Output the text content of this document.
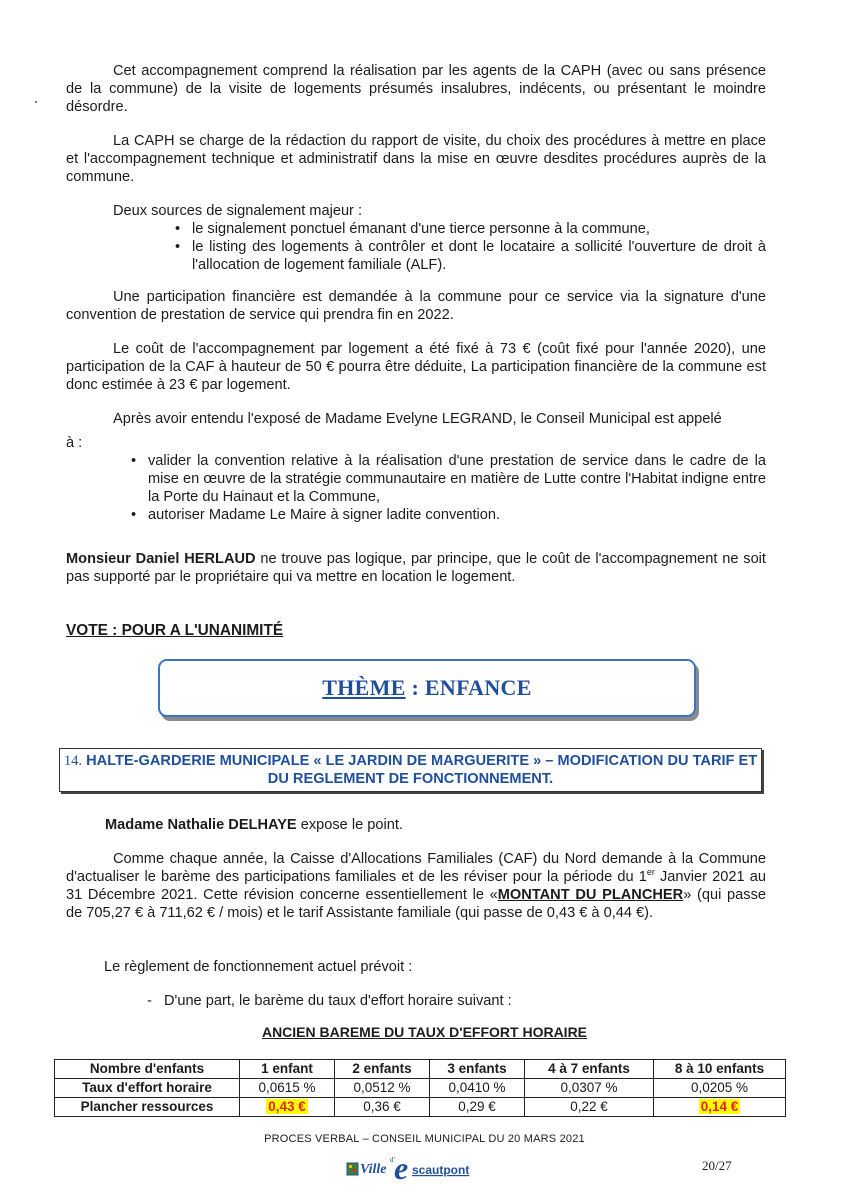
Cet accompagnement comprend la réalisation par les agents de la CAPH (avec ou sans présence de la commune) de la visite de logements présumés insalubres, indécents, ou présentant le moindre désordre.
La CAPH se charge de la rédaction du rapport de visite, du choix des procédures à mettre en place et l'accompagnement technique et administratif dans la mise en œuvre desdites procédures auprès de la commune.
Deux sources de signalement majeur :
• le signalement ponctuel émanant d'une tierce personne à la commune,
• le listing des logements à contrôler et dont le locataire a sollicité l'ouverture de droit à l'allocation de logement familiale (ALF).
Une participation financière est demandée à la commune pour ce service via la signature d'une convention de prestation de service qui prendra fin en 2022.
Le coût de l'accompagnement par logement a été fixé à 73 € (coût fixé pour l'année 2020), une participation de la CAF à hauteur de 50 € pourra être déduite, La participation financière de la commune est donc estimée à 23 € par logement.
Après avoir entendu l'exposé de Madame Evelyne LEGRAND, le Conseil Municipal est appelé
à :
• valider la convention relative à la réalisation d'une prestation de service dans le cadre de la mise en œuvre de la stratégie communautaire en matière de Lutte contre l'Habitat indigne entre la Porte du Hainaut et la Commune,
• autoriser Madame Le Maire à signer ladite convention.
Monsieur Daniel HERLAUD ne trouve pas logique, par principe, que le coût de l'accompagnement ne soit pas supporté par le propriétaire qui va mettre en location le logement.
VOTE : POUR A L'UNANIMITÉ
THÈME : ENFANCE
14. HALTE-GARDERIE MUNICIPALE « LE JARDIN DE MARGUERITE » – MODIFICATION DU TARIF ET DU REGLEMENT DE FONCTIONNEMENT.
Madame Nathalie DELHAYE expose le point.
Comme chaque année, la Caisse d'Allocations Familiales (CAF) du Nord demande à la Commune d'actualiser le barème des participations familiales et de les réviser pour la période du 1er Janvier 2021 au 31 Décembre 2021. Cette révision concerne essentiellement le «MONTANT DU PLANCHER» (qui passe de 705,27 € à 711,62 € / mois) et le tarif Assistante familiale (qui passe de 0,43 € à 0,44 €).
Le règlement de fonctionnement actuel prévoit :
- D'une part, le barème du taux d'effort horaire suivant :
ANCIEN BAREME DU TAUX D'EFFORT HORAIRE
Nombre d'enfants	1 enfant	2 enfants	3 enfants	4 à 7 enfants	8 à 10 enfants
Taux d'effort horaire	0,0615 %	0,0512 %	0,0410 %	0,0307 %	0,0205 %
Plancher ressources	0,43 €	0,36 €	0,29 €	0,22 €	0,14 €
PROCES VERBAL – CONSEIL MUNICIPAL DU 20 MARS 2021
Ville
d' e scautpont	20/27
